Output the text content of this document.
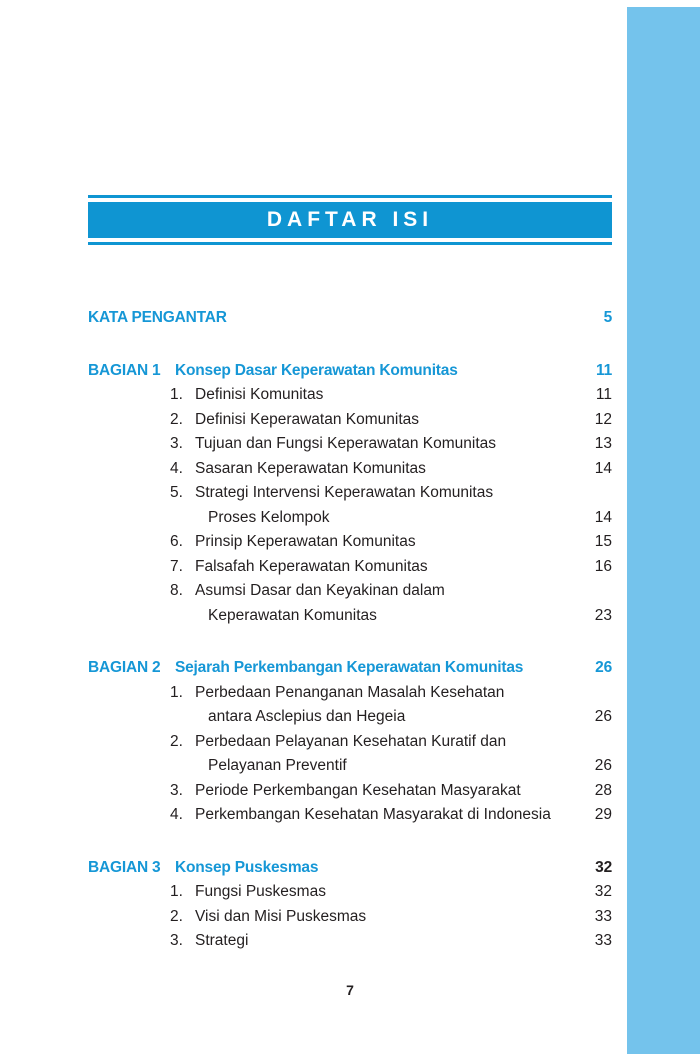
DAFTAR ISI
KATA PENGANTAR	5
BAGIAN 1 Konsep Dasar Keperawatan Komunitas	11
1. Definisi Komunitas	11
2. Definisi Keperawatan Komunitas	12
3. Tujuan dan Fungsi Keperawatan Komunitas	13
4. Sasaran Keperawatan Komunitas	14
5. Strategi Intervensi Keperawatan Komunitas
Proses Kelompok	14
6. Prinsip Keperawatan Komunitas	15
7. Falsafah Keperawatan Komunitas	16
8. Asumsi Dasar dan Keyakinan dalam
Keperawatan Komunitas	23
BAGIAN 2 Sejarah Perkembangan Keperawatan Komunitas	26
1. Perbedaan Penanganan Masalah Kesehatan
antara Asclepius dan Hegeia	26
2. Perbedaan Pelayanan Kesehatan Kuratif dan
Pelayanan Preventif	26
3. Periode Perkembangan Kesehatan Masyarakat	28
4. Perkembangan Kesehatan Masyarakat di Indonesia	29
BAGIAN 3 Konsep Puskesmas	32
1. Fungsi Puskesmas	32
2. Visi dan Misi Puskesmas	33
3. Strategi	33
7
